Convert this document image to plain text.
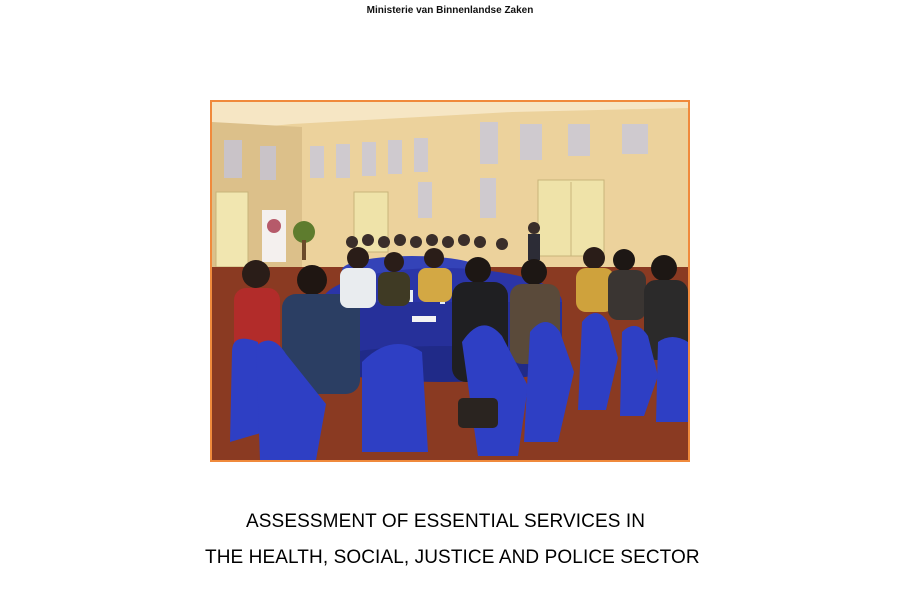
Ministerie van Binnenlandse Zaken
ASSESSMENT OF ESSENTIAL SERVICES IN
THE HEALTH, SOCIAL, JUSTICE AND POLICE SECTOR
